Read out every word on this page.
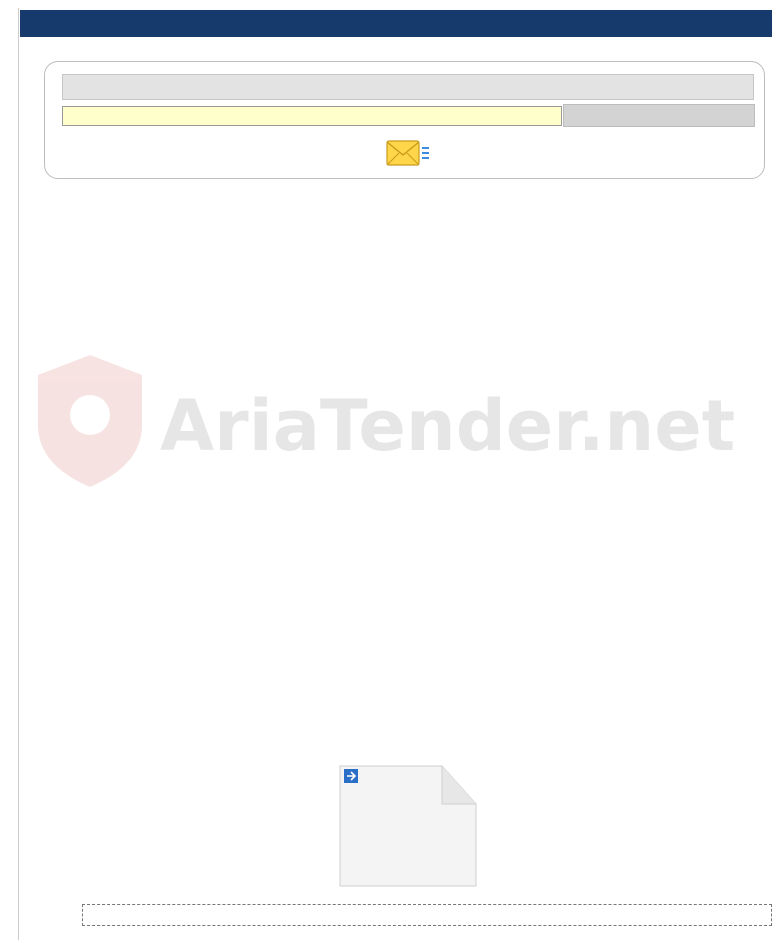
AriaTender.net
